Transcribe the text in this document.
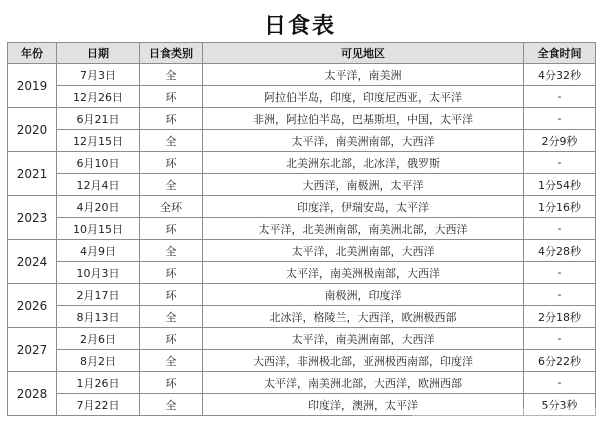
日食表
年份	日期	日食类别	可见地区	全食时间
2019	7月3日	全	太平洋，南美洲	4分32秒
	12月26日	环	阿拉伯半岛，印度，印度尼西亚，太平洋	-
2020	6月21日	环	非洲，阿拉伯半岛，巴基斯坦，中国，太平洋	-
	12月15日	全	太平洋，南美洲南部，大西洋	2分9秒
2021	6月10日	环	北美洲东北部，北冰洋，俄罗斯	-
	12月4日	全	大西洋，南极洲，太平洋	1分54秒
2023	4月20日	全环	印度洋，伊瑞安岛，太平洋	1分16秒
	10月15日	环	太平洋，北美洲南部，南美洲北部，大西洋	-
2024	4月9日	全	太平洋，北美洲南部，大西洋	4分28秒
	10月3日	环	太平洋，南美洲极南部，大西洋	-
2026	2月17日	环	南极洲，印度洋	-
	8月13日	全	北冰洋，格陵兰，大西洋，欧洲极西部	2分18秒
2027	2月6日	环	太平洋，南美洲南部，大西洋	-
	8月2日	全	大西洋，非洲极北部，亚洲极西南部，印度洋	6分22秒
2028	1月26日	环	太平洋，南美洲北部，大西洋，欧洲西部	-
	7月22日	全	印度洋，澳洲，太平洋	5分3秒
